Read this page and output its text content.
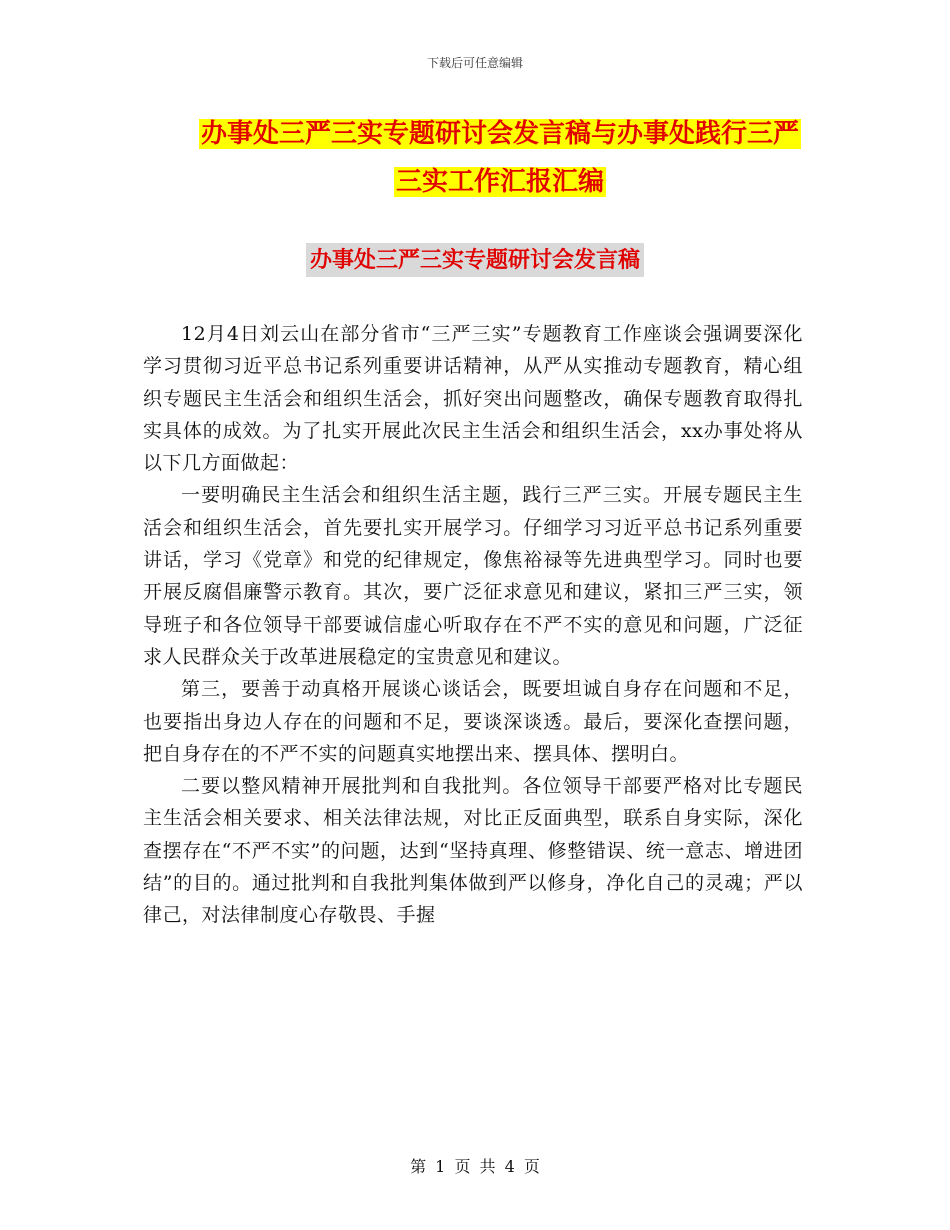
下载后可任意编辑
办事处三严三实专题研讨会发言稿与办事处践行三严
三实工作汇报汇编
办事处三严三实专题研讨会发言稿

12月4日刘云山在部分省市“三严三实”专题教育工作座谈会强调要深化学习贯彻习近平总书记系列重要讲话精神，从严从实推动专题教育，精心组织专题民主生活会和组织生活会，抓好突出问题整改，确保专题教育取得扎实具体的成效。为了扎实开展此次民主生活会和组织生活会，xx办事处将从以下几方面做起：

一要明确民主生活会和组织生活主题，践行三严三实。开展专题民主生活会和组织生活会，首先要扎实开展学习。仔细学习习近平总书记系列重要讲话，学习《党章》和党的纪律规定，像焦裕禄等先进典型学习。同时也要开展反腐倡廉警示教育。其次，要广泛征求意见和建议，紧扣三严三实，领导班子和各位领导干部要诚信虚心听取存在不严不实的意见和问题，广泛征求人民群众关于改革进展稳定的宝贵意见和建议。

第三，要善于动真格开展谈心谈话会，既要坦诚自身存在问题和不足，也要指出身边人存在的问题和不足，要谈深谈透。最后，要深化查摆问题，把自身存在的不严不实的问题真实地摆出来、摆具体、摆明白。

二要以整风精神开展批判和自我批判。各位领导干部要严格对比专题民主生活会相关要求、相关法律法规，对比正反面典型，联系自身实际，深化查摆存在“不严不实”的问题，达到“坚持真理、修整错误、统一意志、增进团结”的目的。通过批判和自我批判集体做到严以修身，净化自己的灵魂；严以律己，对法律制度心存敬畏、手握

第 1 页 共 4 页
